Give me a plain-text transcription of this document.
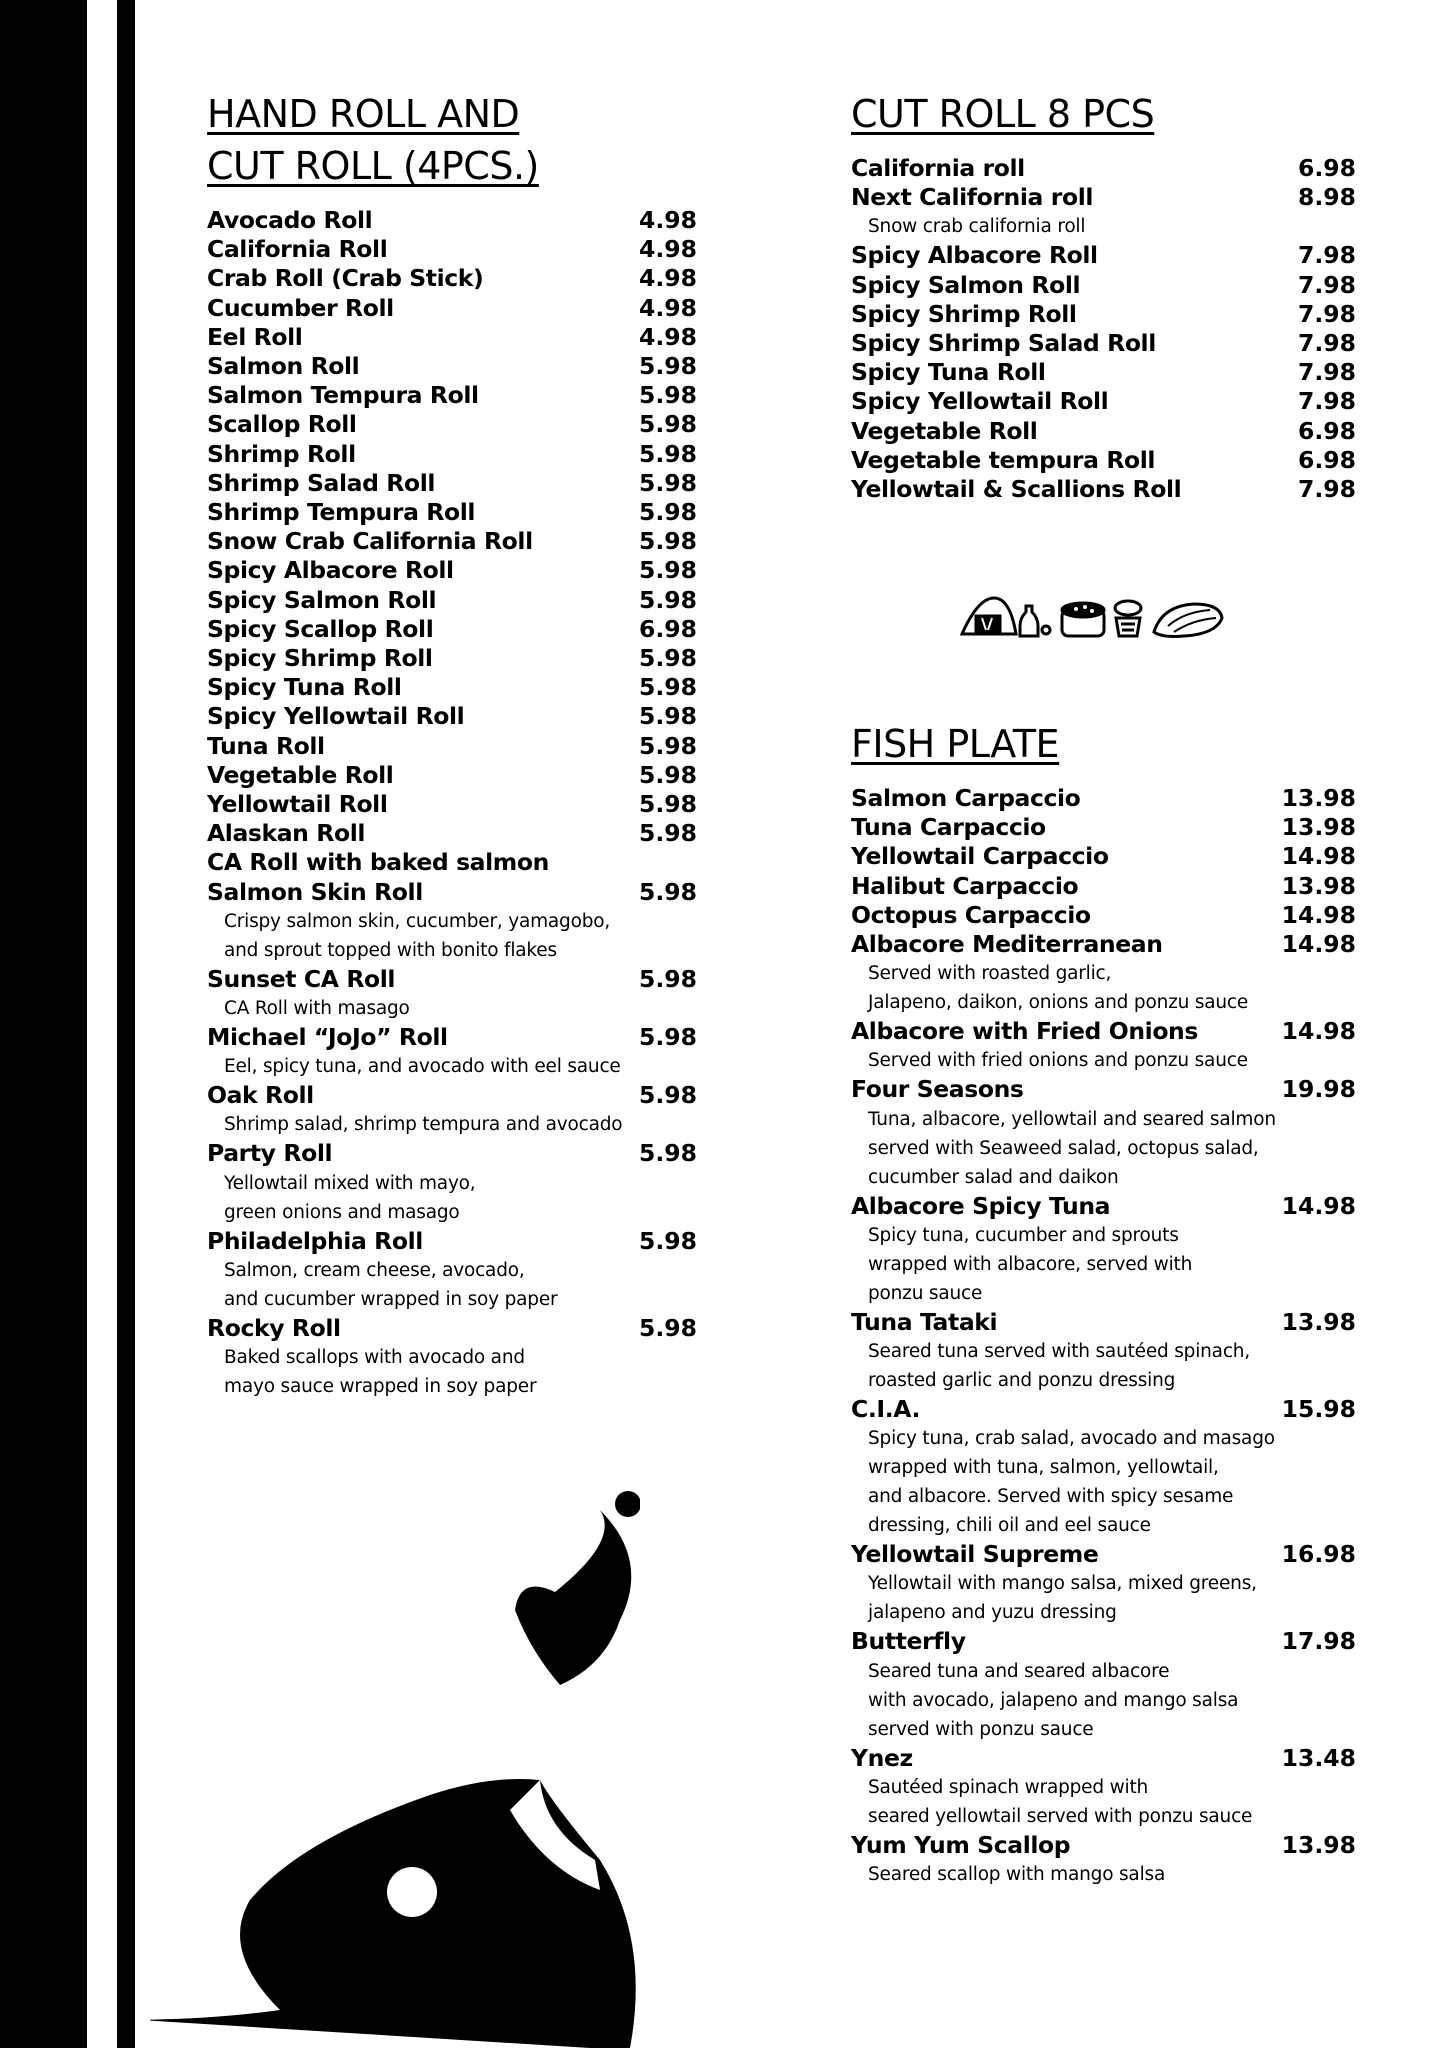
HAND ROLL AND
CUT ROLL (4PCS.)
Avocado Roll	4.98
California Roll	4.98
Crab Roll (Crab Stick)	4.98
Cucumber Roll	4.98
Eel Roll	4.98
Salmon Roll	5.98
Salmon Tempura Roll	5.98
Scallop Roll	5.98
Shrimp Roll	5.98
Shrimp Salad Roll	5.98
Shrimp Tempura Roll	5.98
Snow Crab California Roll	5.98
Spicy Albacore Roll	5.98
Spicy Salmon Roll	5.98
Spicy Scallop Roll	6.98
Spicy Shrimp Roll	5.98
Spicy Tuna Roll	5.98
Spicy Yellowtail Roll	5.98
Tuna Roll	5.98
Vegetable Roll	5.98
Yellowtail Roll	5.98
Alaskan Roll	5.98
CA Roll with baked salmon
Salmon Skin Roll	5.98
Crispy salmon skin, cucumber, yamagobo,
and sprout topped with bonito flakes
Sunset CA Roll	5.98
CA Roll with masago
Michael “JoJo” Roll	5.98
Eel, spicy tuna, and avocado with eel sauce
Oak Roll	5.98
Shrimp salad, shrimp tempura and avocado
Party Roll	5.98
Yellowtail mixed with mayo,
green onions and masago
Philadelphia Roll	5.98
Salmon, cream cheese, avocado,
and cucumber wrapped in soy paper
Rocky Roll	5.98
Baked scallops with avocado and
mayo sauce wrapped in soy paper
CUT ROLL 8 PCS
California roll	6.98
Next California roll	8.98
Snow crab california roll
Spicy Albacore Roll	7.98
Spicy Salmon Roll	7.98
Spicy Shrimp Roll	7.98
Spicy Shrimp Salad Roll	7.98
Spicy Tuna Roll	7.98
Spicy Yellowtail Roll	7.98
Vegetable Roll	6.98
Vegetable tempura Roll	6.98
Yellowtail & Scallions Roll	7.98
FISH PLATE
Salmon Carpaccio	13.98
Tuna Carpaccio	13.98
Yellowtail Carpaccio	14.98
Halibut Carpaccio	13.98
Octopus Carpaccio	14.98
Albacore Mediterranean	14.98
Served with roasted garlic,
Jalapeno, daikon, onions and ponzu sauce
Albacore with Fried Onions	14.98
Served with fried onions and ponzu sauce
Four Seasons	19.98
Tuna, albacore, yellowtail and seared salmon
served with Seaweed salad, octopus salad,
cucumber salad and daikon
Albacore Spicy Tuna	14.98
Spicy tuna, cucumber and sprouts
wrapped with albacore, served with
ponzu sauce
Tuna Tataki	13.98
Seared tuna served with sautéed spinach,
roasted garlic and ponzu dressing
C.I.A.	15.98
Spicy tuna, crab salad, avocado and masago
wrapped with tuna, salmon, yellowtail,
and albacore. Served with spicy sesame
dressing, chili oil and eel sauce
Yellowtail Supreme	16.98
Yellowtail with mango salsa, mixed greens,
jalapeno and yuzu dressing
Butterfly	17.98
Seared tuna and seared albacore
with avocado, jalapeno and mango salsa
served with ponzu sauce
Ynez	13.48
Sautéed spinach wrapped with
seared yellowtail served with ponzu sauce
Yum Yum Scallop	13.98
Seared scallop with mango salsa
